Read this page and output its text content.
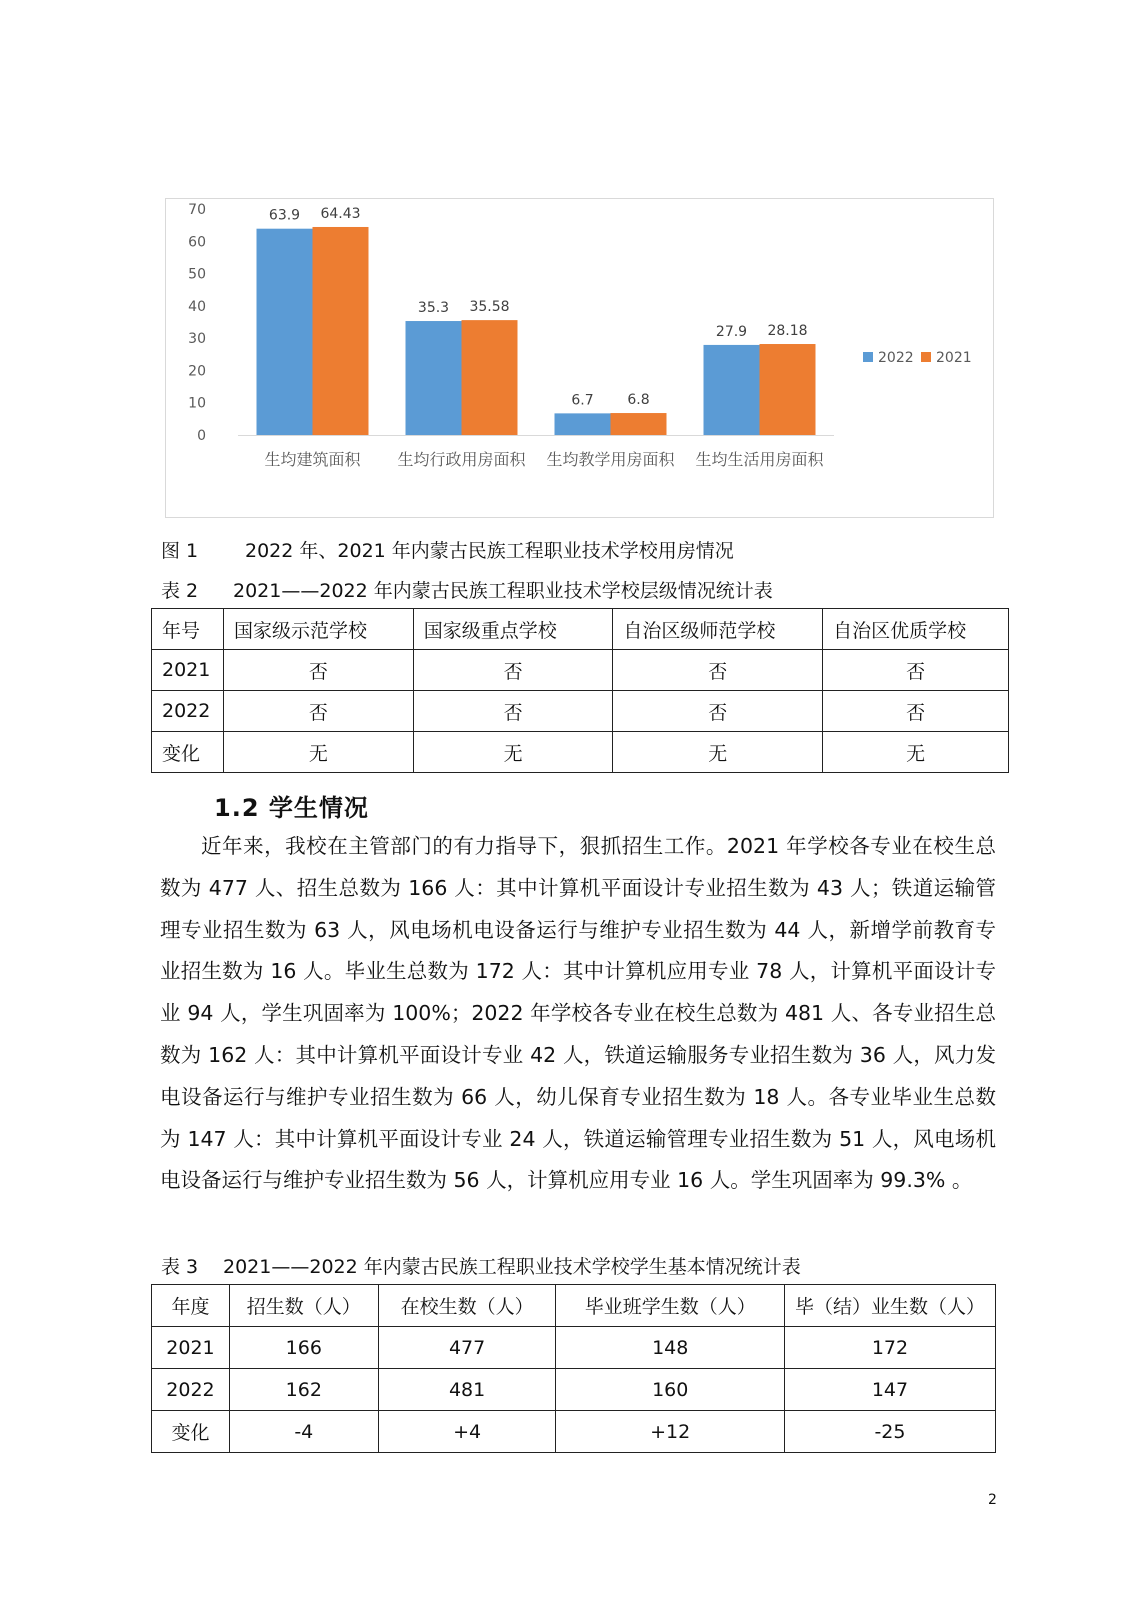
0
10
20
30
40
50
60
70	63.9 64.43
生均建筑面积
35.3 35.58
生均行政用房面积
6.7 6.8
生均教学用房面积
27.9 28.18
生均生活用房面积
2022 2021
图 1 2022 年、2021 年内蒙古民族工程职业技术学校用房情况
表 2 2021——2022 年内蒙古民族工程职业技术学校层级情况统计表
年号	国家级示范学校	国家级重点学校	自治区级师范学校	自治区优质学校
2021	否	否	否	否
2022	否	否	否	否
变化	无	无	无	无
1.2 学生情况
近年来，我校在主管部门的有力指导下，狠抓招生工作。2021 年学校各专业在校生总数为 477 人、招生总数为 166 人：其中计算机平面设计专业招生数为 43 人；铁道运输管理专业招生数为 63 人，风电场机电设备运行与维护专业招生数为 44 人，新增学前教育专业招生数为 16 人。毕业生总数为 172 人：其中计算机应用专业 78 人，计算机平面设计专业 94 人，学生巩固率为 100%；2022 年学校各专业在校生总数为 481 人、各专业招生总数为 162 人：其中计算机平面设计专业 42 人，铁道运输服务专业招生数为 36 人，风力发电设备运行与维护专业招生数为 66 人，幼儿保育专业招生数为 18 人。各专业毕业生总数为 147 人：其中计算机平面设计专业 24 人，铁道运输管理专业招生数为 51 人，风电场机电设备运行与维护专业招生数为 56 人，计算机应用专业 16 人。学生巩固率为 99.3% 。
表 3 2021——2022 年内蒙古民族工程职业技术学校学生基本情况统计表
年度	招生数（人）	在校生数（人）	毕业班学生数（人）	毕（结）业生数（人）
2021	166	477	148	172
2022	162	481	160	147
变化	-4	+4	+12	-25
2
